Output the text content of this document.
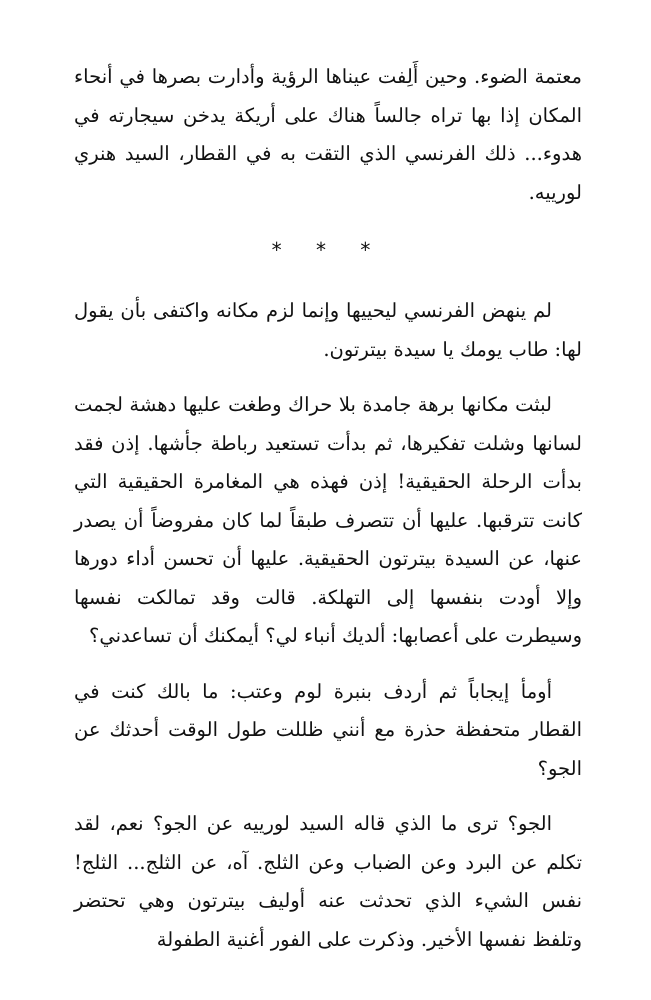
معتمة الضوء. وحين أَلِفت عيناها الرؤية وأدارت بصرها في أنحاء المكان إذا بها تراه جالساً هناك على أريكة يدخن سيجارته في هدوء... ذلك الفرنسي الذي التقت به في القطار، السيد هنري لورييه.

* * *

لم ينهض الفرنسي ليحييها وإنما لزم مكانه واكتفى بأن يقول لها: طاب يومك يا سيدة بيترتون.

لبثت مكانها برهة جامدة بلا حراك وطغت عليها دهشة لجمت لسانها وشلت تفكيرها، ثم بدأت تستعيد رباطة جأشها. إذن فقد بدأت الرحلة الحقيقية! إذن فهذه هي المغامرة الحقيقية التي كانت تترقبها. عليها أن تتصرف طبقاً لما كان مفروضاً أن يصدر عنها، عن السيدة بيترتون الحقيقية. عليها أن تحسن أداء دورها وإلا أودت بنفسها إلى التهلكة. قالت وقد تمالكت نفسها وسيطرت على أعصابها: ألديك أنباء لي؟ أيمكنك أن تساعدني؟

أومأ إيجاباً ثم أردف بنبرة لوم وعتب: ما بالك كنت في القطار متحفظة حذرة مع أنني ظللت طول الوقت أحدثك عن الجو؟

الجو؟ ترى ما الذي قاله السيد لورييه عن الجو؟ نعم، لقد تكلم عن البرد وعن الضباب وعن الثلج. آه، عن الثلج... الثلج! نفس الشيء الذي تحدثت عنه أوليف بيترتون وهي تحتضر وتلفظ نفسها الأخير. وذكرت على الفور أغنية الطفولة
